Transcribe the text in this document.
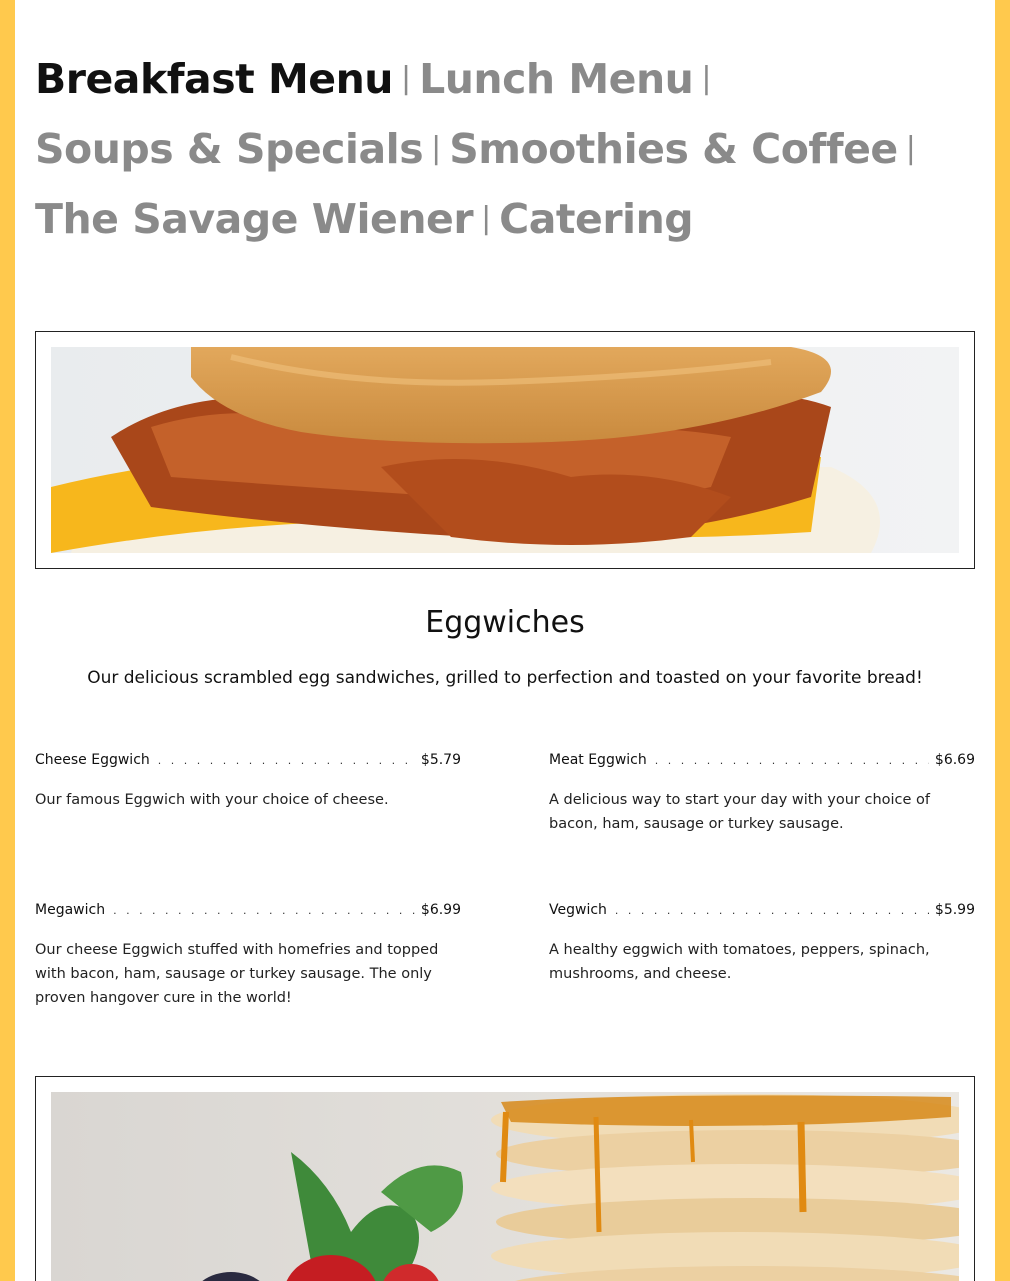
Breakfast Menu | Lunch Menu |
Soups & Specials | Smoothies & Coffee |
The Savage Wiener | Catering
Eggwiches

Our delicious scrambled egg sandwiches, grilled to perfection and toasted on your favorite bread!

Cheese Eggwich . . .	$5.79
Our famous Eggwich with your choice of cheese.
Meat Eggwich . . .	$6.69
A delicious way to start your day with your choice of bacon, ham, sausage or turkey sausage.
Megawich . . .	$6.99
Our cheese Eggwich stuffed with homefries and topped with bacon, ham, sausage or turkey sausage. The only proven hangover cure in the world!
Vegwich . . .	$5.99
A healthy eggwich with tomatoes, peppers, spinach, mushrooms, and cheese.
